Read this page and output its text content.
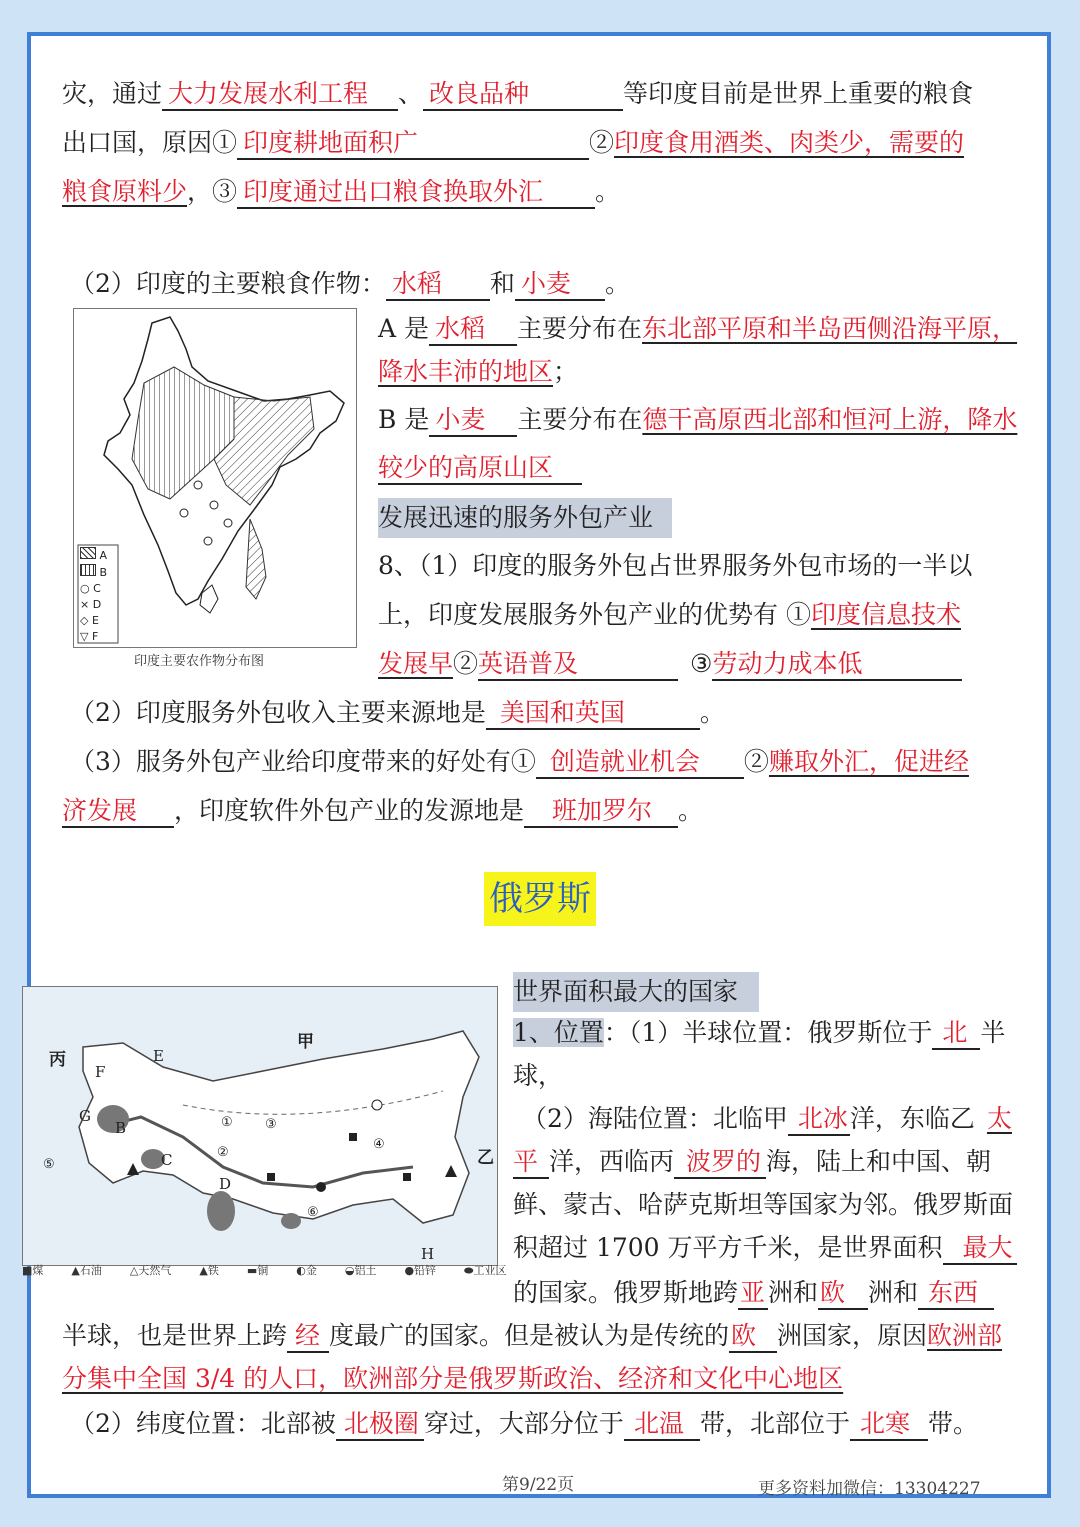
灾，通过 大力发展水利工程 、 改良品种	等印度目前是世界上重要的粮食
出口国，原因① 印度耕地面积广	②印度食用酒类、肉类少，需要的
粮食原料少，③ 印度通过出口粮食换取外汇 。
（2）印度的主要粮食作物： 水稻 和 小麦 。
A
B
○ C
× D
◇ E
▽ F
印度主要农作物分布图
A 是 水稻 主要分布在东北部平原和半岛西侧沿海平原，
降水丰沛的地区；
B 是 小麦 主要分布在德干高原西北部和恒河上游，降水
较少的高原山区
发展迅速的服务外包产业
8、（1）印度的服务外包占世界服务外包市场的一半以
上，印度发展服务外包产业的优势有 ①印度信息技术
发展早②英语普及	③劳动力成本低
（2）印度服务外包收入主要来源地是 美国和英国	。
（3）服务外包产业给印度带来的好处有① 创造就业机会 ②赚取外汇，促进经
济发展 ，印度软件外包产业的发源地是 班加罗尔 。
俄罗斯
甲
乙
丙	E
F
G
B
C
D
H
①
②
③
④
⑤
⑥
■煤	▲石油	△天然气	▲铁	▬铜	◐金	◒铝土	●铅锌	⬬工业区
世界面积最大的国家
1、位置：（1）半球位置：俄罗斯位于 北 半
球，
（2）海陆位置：北临甲 北冰洋，东临乙 太
平 洋，西临丙 波罗的 海，陆上和中国、朝
鲜、蒙古、哈萨克斯坦等国家为邻。俄罗斯面
积超过 1700 万平方千米，是世界面积 最大
的国家。俄罗斯地跨亚 洲和欧 洲和 东西
半球，也是世界上跨 经 度最广的国家。但是被认为是传统的欧 洲国家，原因欧洲部
分集中全国 3/4 的人口，欧洲部分是俄罗斯政治、经济和文化中心地区
（2）纬度位置：北部被 北极圈 穿过，大部分位于 北温 带，北部位于 北寒 带。
第9/22页	更多资料加微信：13304227
